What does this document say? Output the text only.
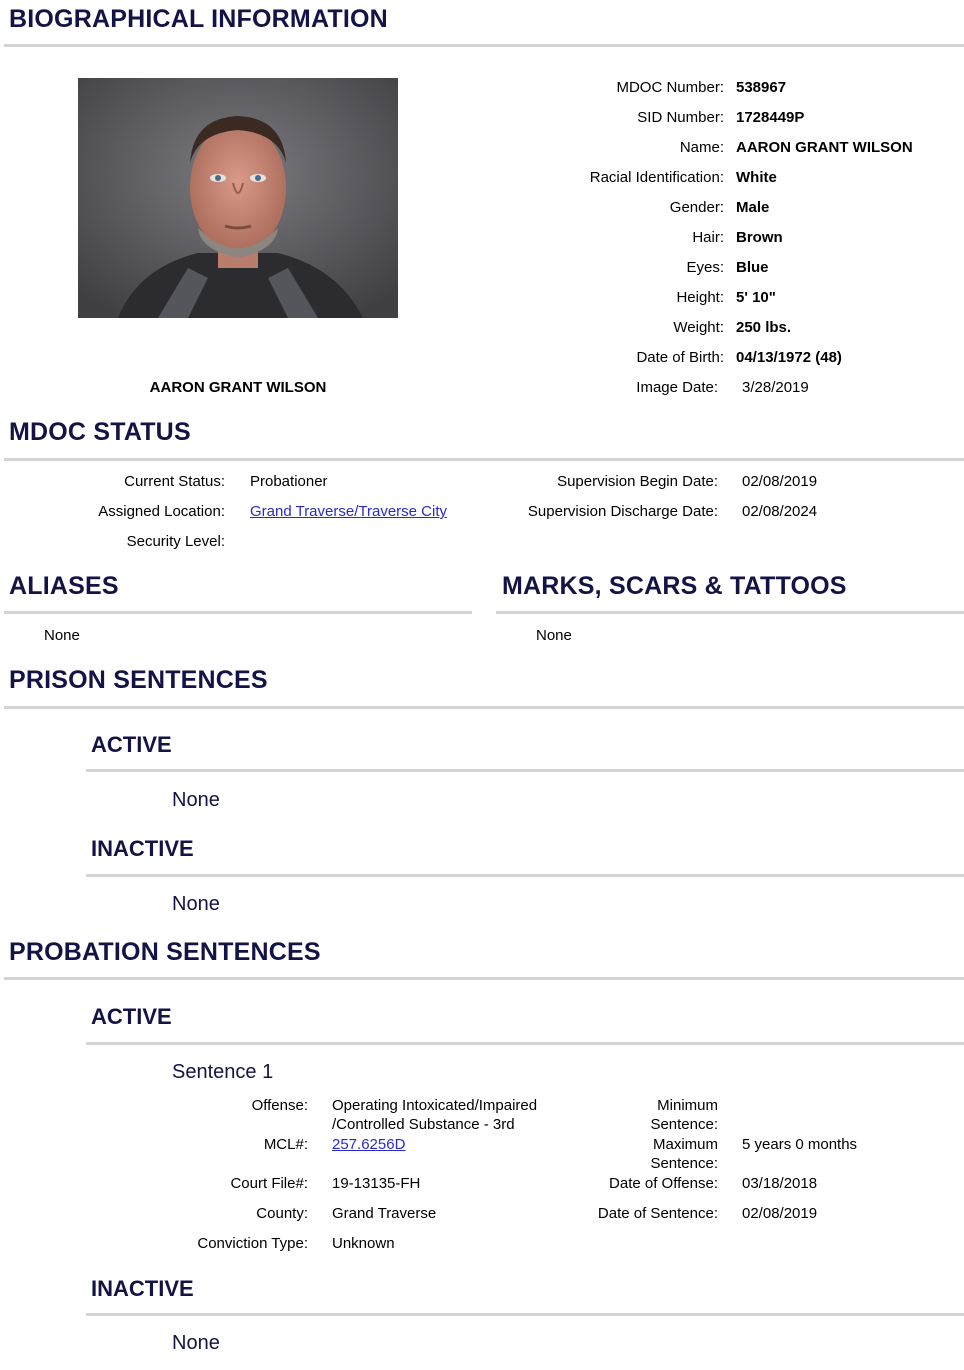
BIOGRAPHICAL INFORMATION
AARON GRANT WILSON
MDOC Number: 538967
SID Number: 1728449P
Name: AARON GRANT WILSON
Racial Identification: White
Gender: Male
Hair: Brown
Eyes: Blue
Height: 5' 10"
Weight: 250 lbs.
Date of Birth: 04/13/1972 (48)
Image Date: 3/28/2019
MDOC STATUS
Current Status: Probationer
Assigned Location: Grand Traverse/Traverse City
Security Level:
Supervision Begin Date: 02/08/2019
Supervision Discharge Date: 02/08/2024
ALIASES
None
MARKS, SCARS & TATTOOS
None
PRISON SENTENCES
ACTIVE
None
INACTIVE
None
PROBATION SENTENCES
ACTIVE
Sentence 1
Offense: Operating Intoxicated/Impaired
/Controlled Substance - 3rd
MCL#: 257.6256D
Court File#: 19-13135-FH
County: Grand Traverse
Conviction Type: Unknown
Minimum
Sentence:
Maximum
Sentence:
5 years 0 months
Date of Offense: 03/18/2018
Date of Sentence: 02/08/2019
INACTIVE
None
